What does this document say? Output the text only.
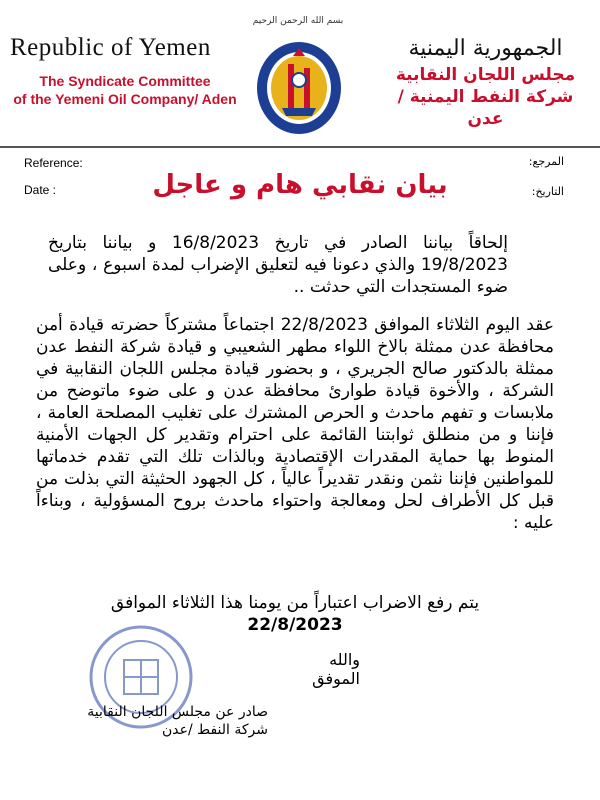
Republic of Yemen
The Syndicate Committee
of the Yemeni Oil Company/ Aden
بسم الله الرحمن الرحيم
الجمهورية اليمنية
مجلس اللجان النقابية
شركة النفط اليمنية / عدن
Reference:
Date :
المرجع:
التاريخ:
بيان نقابي هام و عاجل
إلحاقاً بياننا الصادر في تاريخ 16/8/2023 و بياننا بتاريخ 19/8/2023 والذي دعونا فيه لتعليق الإضراب لمدة اسبوع ، وعلى ضوء المستجدات التي حدثت ..
عقد اليوم الثلاثاء الموافق 22/8/2023 اجتماعاً مشتركاً حضرته قيادة أمن محافظة عدن ممثلة بالاخ اللواء مطهر الشعيبي و قيادة شركة النفط عدن ممثلة بالدكتور صالح الجريري ، و بحضور قيادة مجلس اللجان النقابية في الشركة ، والأخوة قيادة طوارئ محافظة عدن و على ضوء ماتوضح من ملابسات و تفهم ماحدث و الحرص المشترك على تغليب المصلحة العامة ، فإننا و من منطلق ثوابتنا القائمة على احترام وتقدير كل الجهات الأمنية المنوط بها حماية المقدرات الإقتصادية وبالذات تلك التي تقدم خدماتها للمواطنين فإننا نثمن ونقدر تقديراً عالياً ، كل الجهود الحثيثة التي بذلت من قبل كل الأطراف لحل ومعالجة واحتواء ماحدث بروح المسؤولية ، وبناءاً عليه :
يتم رفع الاضراب اعتباراً من يومنا هذا الثلاثاء الموافق
22/8/2023
والله الموفق
صادر عن مجلس اللجان النقابية
شركة النفط /عدن
